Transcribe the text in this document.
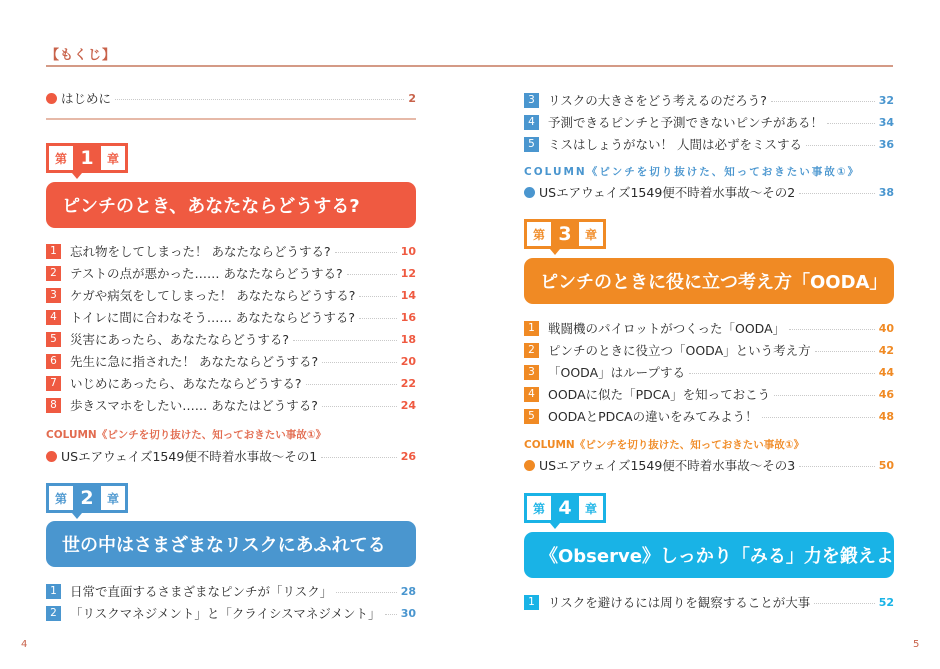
【もくじ】
はじめに	2
第 1	章
ピンチのとき、あなたならどうする?
1	忘れ物をしてしまった！ あなたならどうする?	10
2	テストの点が悪かった…… あなたならどうする?	12
3	ケガや病気をしてしまった！ あなたならどうする?	14
4	トイレに間に合わなそう…… あなたならどうする?	16
5	災害にあったら、あなたならどうする?	18
6	先生に急に指された！ あなたならどうする?	20
7	いじめにあったら、あなたならどうする?	22
8	歩きスマホをしたい…… あなたはどうする?	24
COLUMN《ピンチを切り抜けた、知っておきたい事故①》
USエアウェイズ1549便不時着水事故〜その1	26
第 2	章
世の中はさまざまなリスクにあふれてる
1	日常で直面するさまざまなピンチが「リスク」	28
2	「リスクマネジメント」と「クライシスマネジメント」 30
3	リスクの大きさをどう考えるのだろう?	32
4	予測できるピンチと予測できないピンチがある！	34
5	ミスはしょうがない！ 人間は必ずをミスする	36
COLUMN《ピンチを切り抜けた、知っておきたい事故①》
USエアウェイズ1549便不時着水事故〜その2	38
第 3	章
ピンチのときに役に立つ考え方「OODA」
1	戦闘機のパイロットがつくった「OODA」	40
2	ピンチのときに役立つ「OODA」という考え方	42
3	「OODA」はループする	44
4	OODAに似た「PDCA」を知っておこう	46
5	OODAとPDCAの違いをみてみよう！	48
COLUMN《ピンチを切り抜けた、知っておきたい事故①》
USエアウェイズ1549便不時着水事故〜その3	50
第 4	章
《Observe》しっかり「みる」力を鍛えよう！
1	リスクを避けるには周りを観察することが大事	52
4	5
